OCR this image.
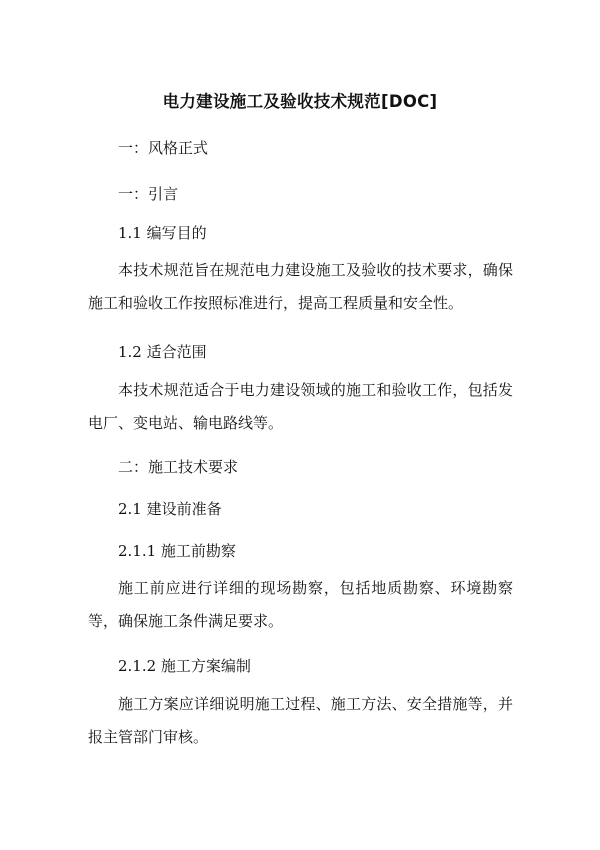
电力建设施工及验收技术规范[DOC]
一：风格正式
一：引言
1.1 编写目的
本技术规范旨在规范电力建设施工及验收的技术要求，确保施工和验收工作按照标准进行，提高工程质量和安全性。
1.2 适合范围
本技术规范适合于电力建设领域的施工和验收工作，包括发电厂、变电站、输电路线等。
二：施工技术要求
2.1 建设前准备
2.1.1 施工前勘察
施工前应进行详细的现场勘察，包括地质勘察、环境勘察等，确保施工条件满足要求。
2.1.2 施工方案编制
施工方案应详细说明施工过程、施工方法、安全措施等，并报主管部门审核。
